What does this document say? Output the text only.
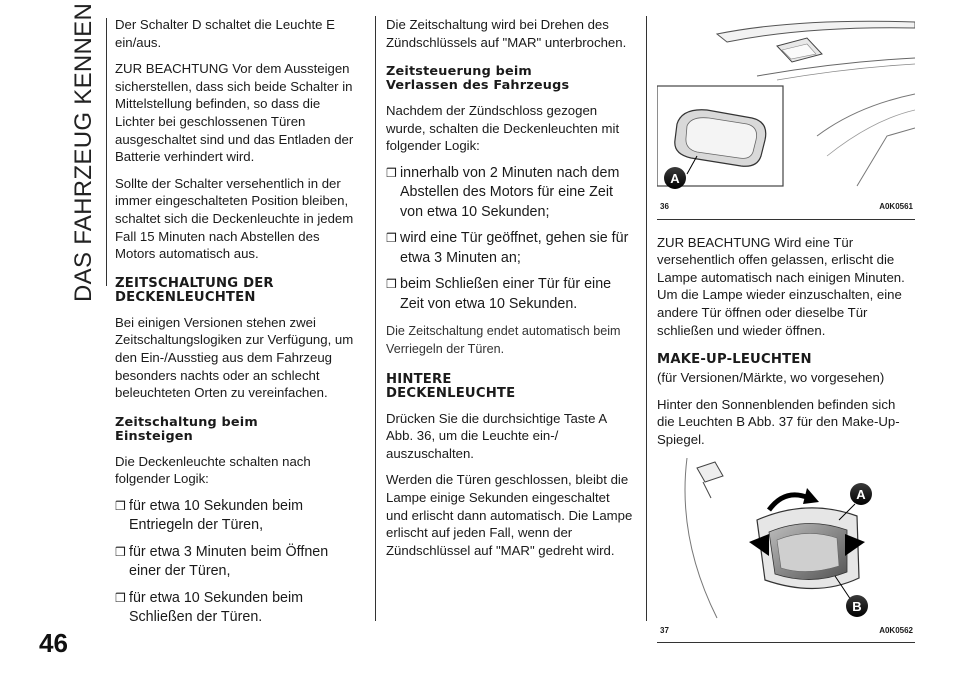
DAS FAHRZEUG KENNEN
46

Der Schalter D schaltet die Leuchte E ein/aus.

ZUR BEACHTUNG Vor dem Aussteigen sicherstellen, dass sich beide Schalter in Mittelstellung befinden, so dass die Lichter bei geschlossenen Türen ausgeschaltet sind und das Entladen der Batterie verhindert wird.

Sollte der Schalter versehentlich in der immer eingeschalteten Position bleiben, schaltet sich die Deckenleuchte in jedem Fall 15 Minuten nach Abstellen des Motors automatisch aus.

ZEITSCHALTUNG DER
DECKENLEUCHTEN

Bei einigen Versionen stehen zwei Zeitschaltungslogiken zur Verfügung, um den Ein-/Ausstieg aus dem Fahrzeug besonders nachts oder an schlecht beleuchteten Orten zu vereinfachen.

Zeitschaltung beim
Einsteigen

Die Deckenleuchte schalten nach folgender Logik:

❒ für etwa 10 Sekunden beim Entriegeln der Türen,
❒ für etwa 3 Minuten beim Öffnen einer der Türen,
❒ für etwa 10 Sekunden beim Schließen der Türen.

Die Zeitschaltung wird bei Drehen des Zündschlüssels auf "MAR" unterbrochen.

Zeitsteuerung beim
Verlassen des Fahrzeugs

Nachdem der Zündschloss gezogen wurde, schalten die Deckenleuchten mit folgender Logik:

❒ innerhalb von 2 Minuten nach dem Abstellen des Motors für eine Zeit von etwa 10 Sekunden;
❒ wird eine Tür geöffnet, gehen sie für etwa 3 Minuten an;
❒ beim Schließen einer Tür für eine Zeit von etwa 10 Sekunden.

Die Zeitschaltung endet automatisch beim Verriegeln der Türen.

HINTERE
DECKENLEUCHTE

Drücken Sie die durchsichtige Taste A Abb. 36, um die Leuchte ein-/ auszuschalten.

Werden die Türen geschlossen, bleibt die Lampe einige Sekunden eingeschaltet und erlischt dann automatisch. Die Lampe erlischt auf jeden Fall, wenn der Zündschlüssel auf "MAR" gedreht wird.

A
36	A0K0561

ZUR BEACHTUNG Wird eine Tür versehentlich offen gelassen, erlischt die Lampe automatisch nach einigen Minuten. Um die Lampe wieder einzuschalten, eine andere Tür öffnen oder dieselbe Tür schließen und wieder öffnen.

MAKE-UP-LEUCHTEN

(für Versionen/Märkte, wo vorgesehen)

Hinter den Sonnenblenden befinden sich die Leuchten B Abb. 37 für den Make-Up-Spiegel.

A
B
37	A0K0562
